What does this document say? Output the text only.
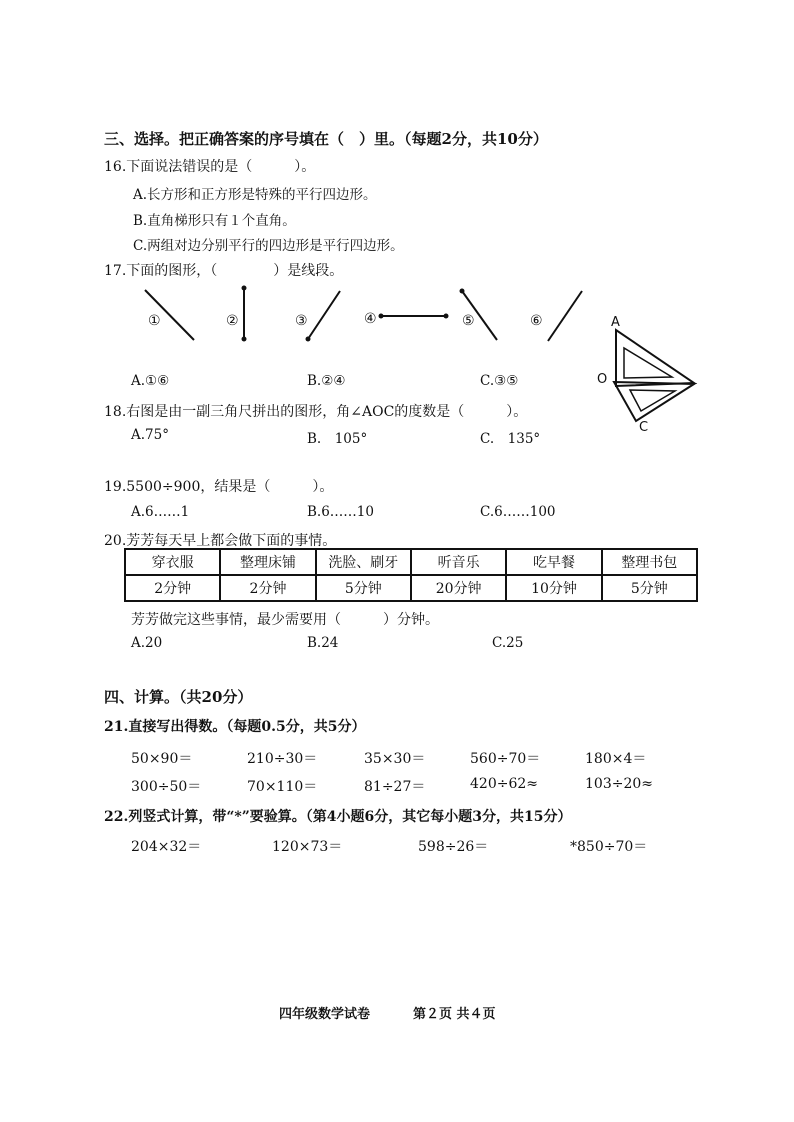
三、选择。把正确答案的序号填在（　）里。（每题2分，共10分）
16.下面说法错误的是（　　　）。
A.长方形和正方形是特殊的平行四边形。
B.直角梯形只有１个直角。
C.两组对边分别平行的四边形是平行四边形。
17.下面的图形，（　　　　）是线段。
①	②	③	④	⑤	⑥	A
O
C
A.①⑥	B.②④	C.③⑤
18.右图是由一副三角尺拼出的图形，角∠AOC的度数是（　　　）。
A.75°	B.　105°	C.　135°
19.5500÷900，结果是（　　　）。
A.6……1	B.6……10	C.6……100
20.芳芳每天早上都会做下面的事情。
穿衣服	整理床铺	洗脸、刷牙	听音乐	吃早餐	整理书包
2分钟	2分钟	5分钟	20分钟	10分钟	5分钟
芳芳做完这些事情，最少需要用（　　　）分钟。
A.20	B.24	C.25
四、计算。（共20分）
21.直接写出得数。（每题0.5分，共5分）
50×90＝	210÷30＝	35×30＝	560÷70＝	180×4＝
300÷50＝	70×110＝	81÷27＝	420÷62≈	103÷20≈
22.列竖式计算，带“*”要验算。（第4小题6分，其它每小题3分，共15分）
204×32＝	120×73＝	598÷26＝	*850÷70＝
四年级数学试卷	第２页 共４页
